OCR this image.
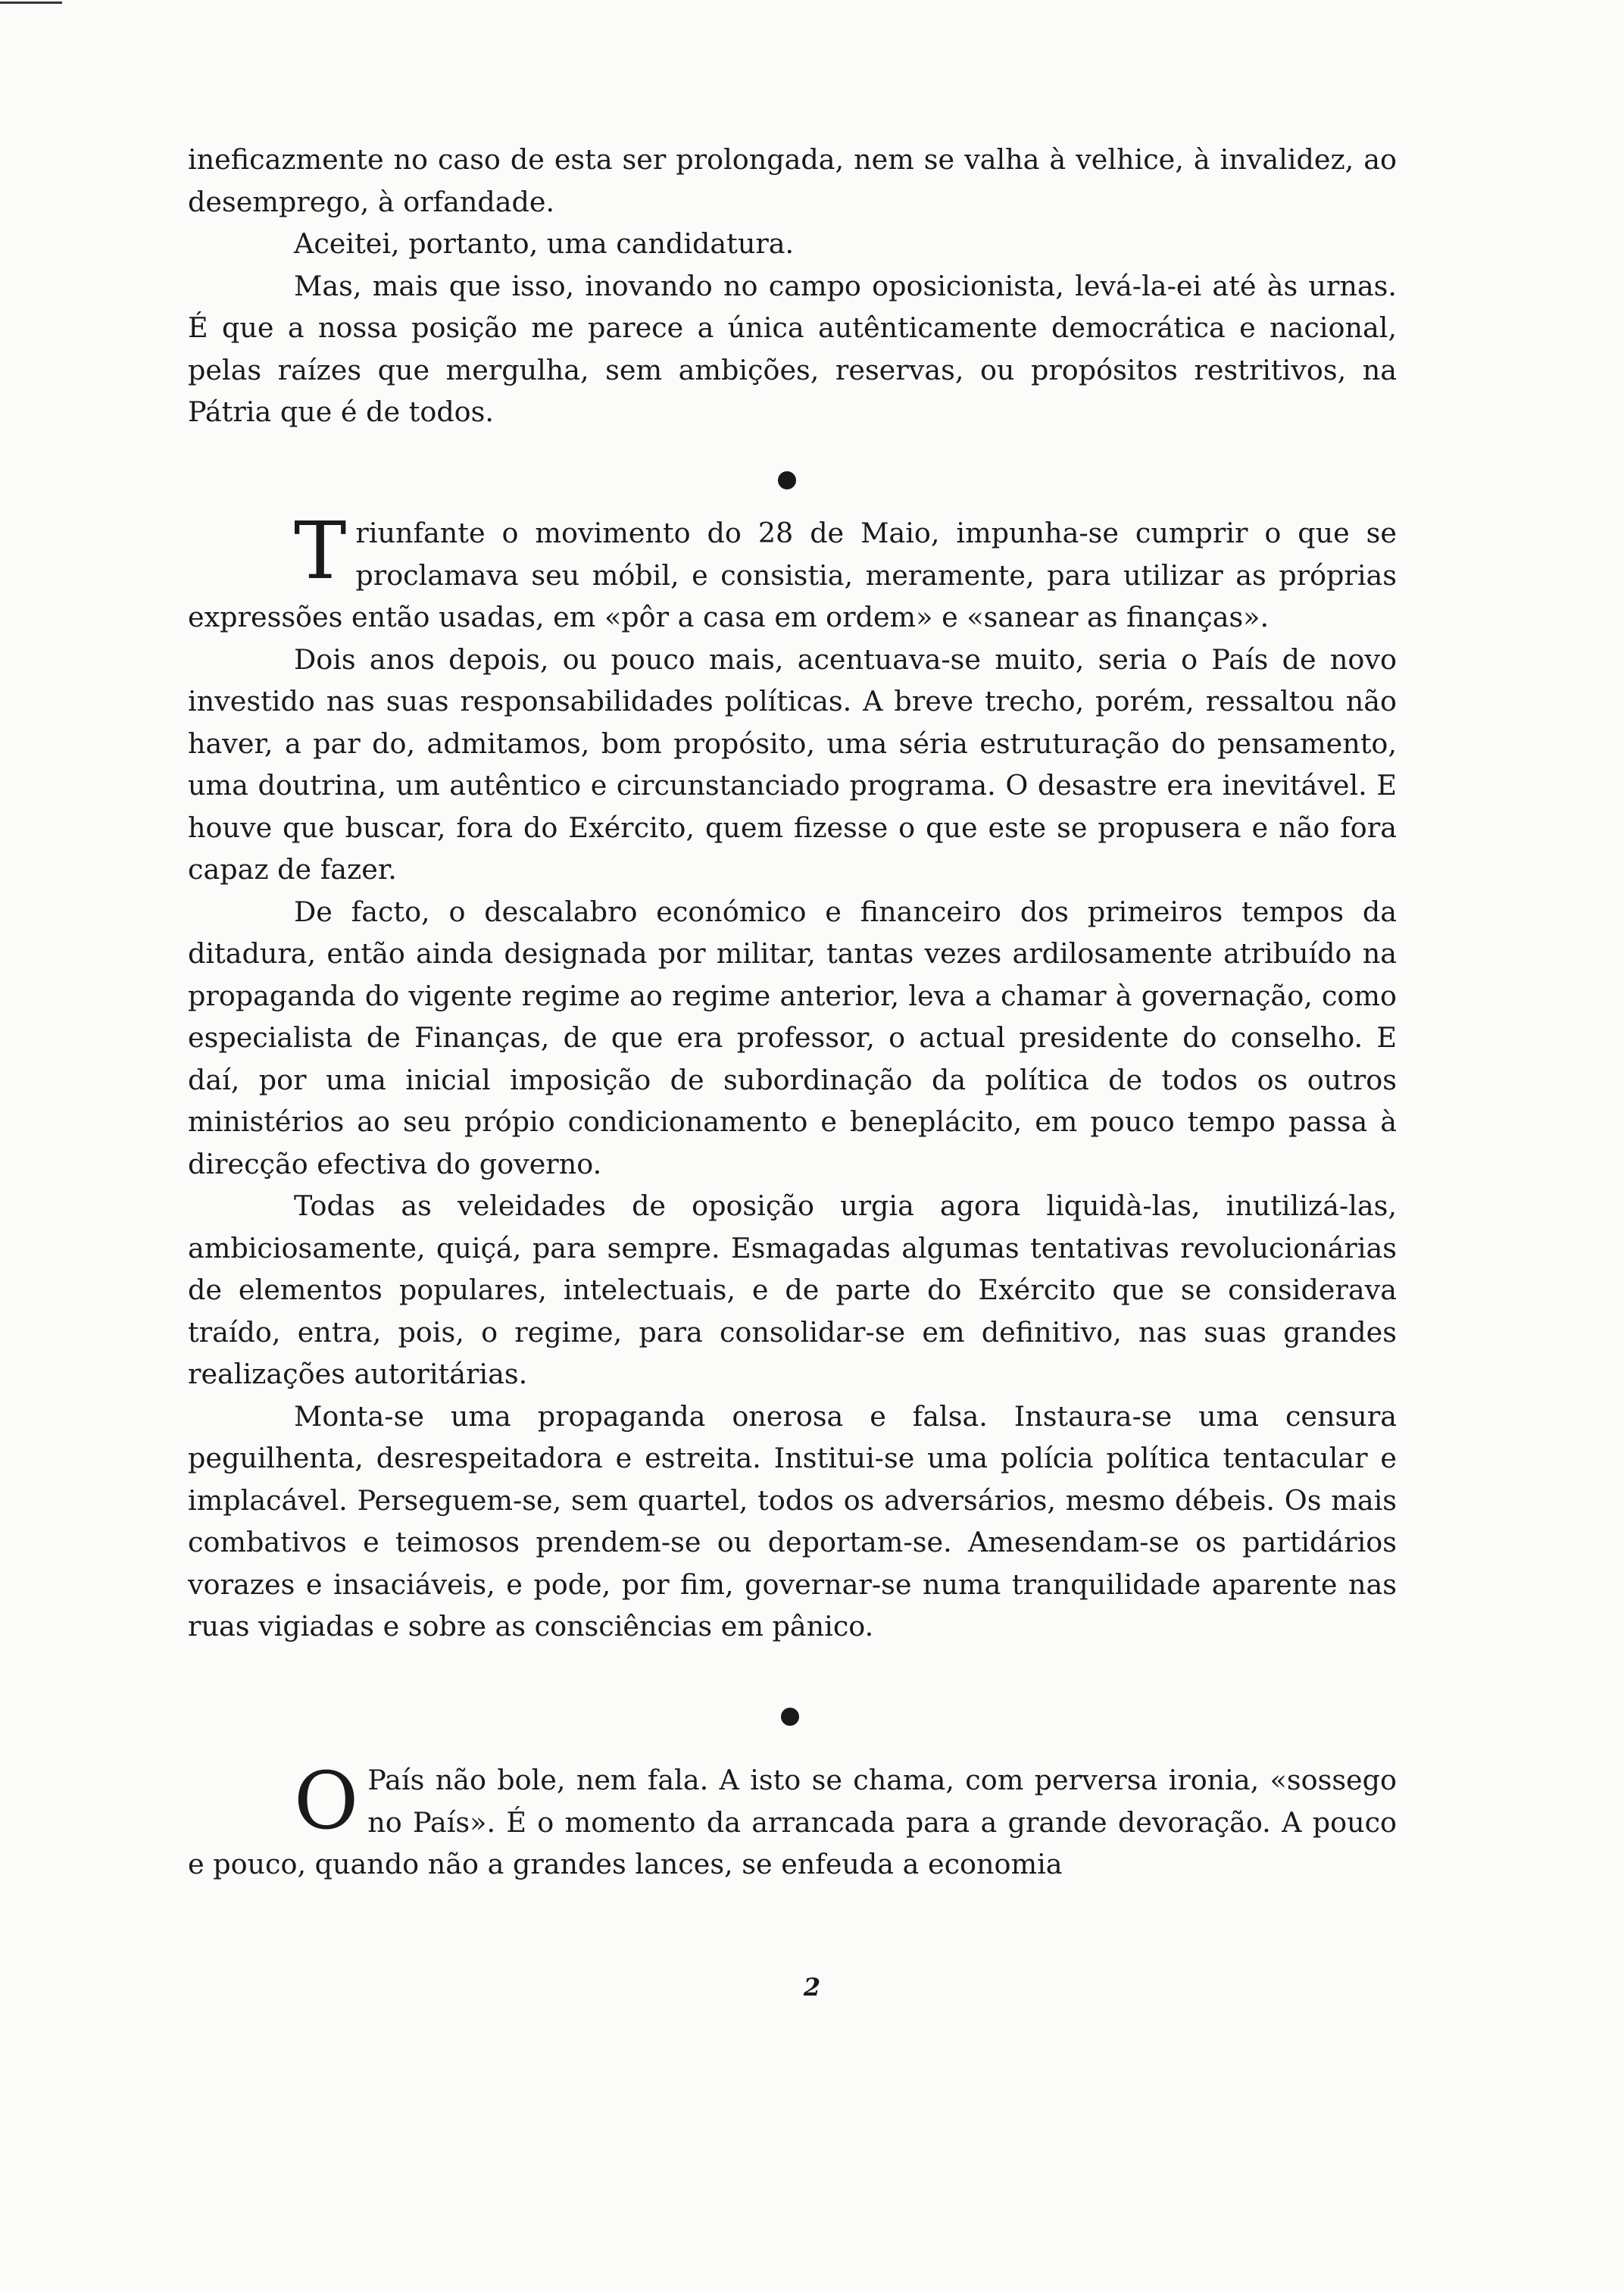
ineficazmente no caso de esta ser prolongada, nem se valha à velhice, à invalidez, ao desemprego, à orfandade.

Aceitei, portanto, uma candidatura.

Mas, mais que isso, inovando no campo oposicionista, levá-la-ei até às urnas. É que a nossa posição me parece a única autênticamente democrática e nacional, pelas raízes que mergulha, sem ambições, reservas, ou propósitos restritivos, na Pátria que é de todos.

T riunfante o movimento do 28 de Maio, impunha-se cumprir o que se proclamava seu móbil, e consistia, meramente, para utilizar as próprias expressões então usadas, em «pôr a casa em ordem» e «sanear as finanças».

Dois anos depois, ou pouco mais, acentuava-se muito, seria o País de novo investido nas suas responsabilidades políticas. A breve trecho, porém, ressaltou não haver, a par do, admitamos, bom propósito, uma séria estruturação do pensamento, uma doutrina, um autêntico e circunstanciado programa. O desastre era inevitável. E houve que buscar, fora do Exército, quem fizesse o que este se propusera e não fora capaz de fazer.

De facto, o descalabro económico e financeiro dos primeiros tempos da ditadura, então ainda designada por militar, tantas vezes ardilosamente atribuído na propaganda do vigente regime ao regime anterior, leva a chamar à governação, como especialista de Finanças, de que era professor, o actual presidente do conselho. E daí, por uma inicial imposição de subordinação da política de todos os outros ministérios ao seu própio condicionamento e beneplácito, em pouco tempo passa à direcção efectiva do governo.

Todas as veleidades de oposição urgia agora liquidà-las, inutilizá-las, ambiciosamente, quiçá, para sempre. Esmagadas algumas tentativas revolucionárias de elementos populares, intelectuais, e de parte do Exército que se considerava traído, entra, pois, o regime, para consolidar-se em definitivo, nas suas grandes realizações autoritárias.

Monta-se uma propaganda onerosa e falsa. Instaura-se uma censura peguilhenta, desrespeitadora e estreita. Institui-se uma polícia política tentacular e implacável. Perseguem-se, sem quartel, todos os adversários, mesmo débeis. Os mais combativos e teimosos prendem-se ou deportam-se. Amesendam-se os partidários vorazes e insaciáveis, e pode, por fim, governar-se numa tranquilidade aparente nas ruas vigiadas e sobre as consciências em pânico.

O País não bole, nem fala. A isto se chama, com perversa ironia, «sossego no País». É o momento da arrancada para a grande devoração. A pouco e pouco, quando não a grandes lances, se enfeuda a economia

2
